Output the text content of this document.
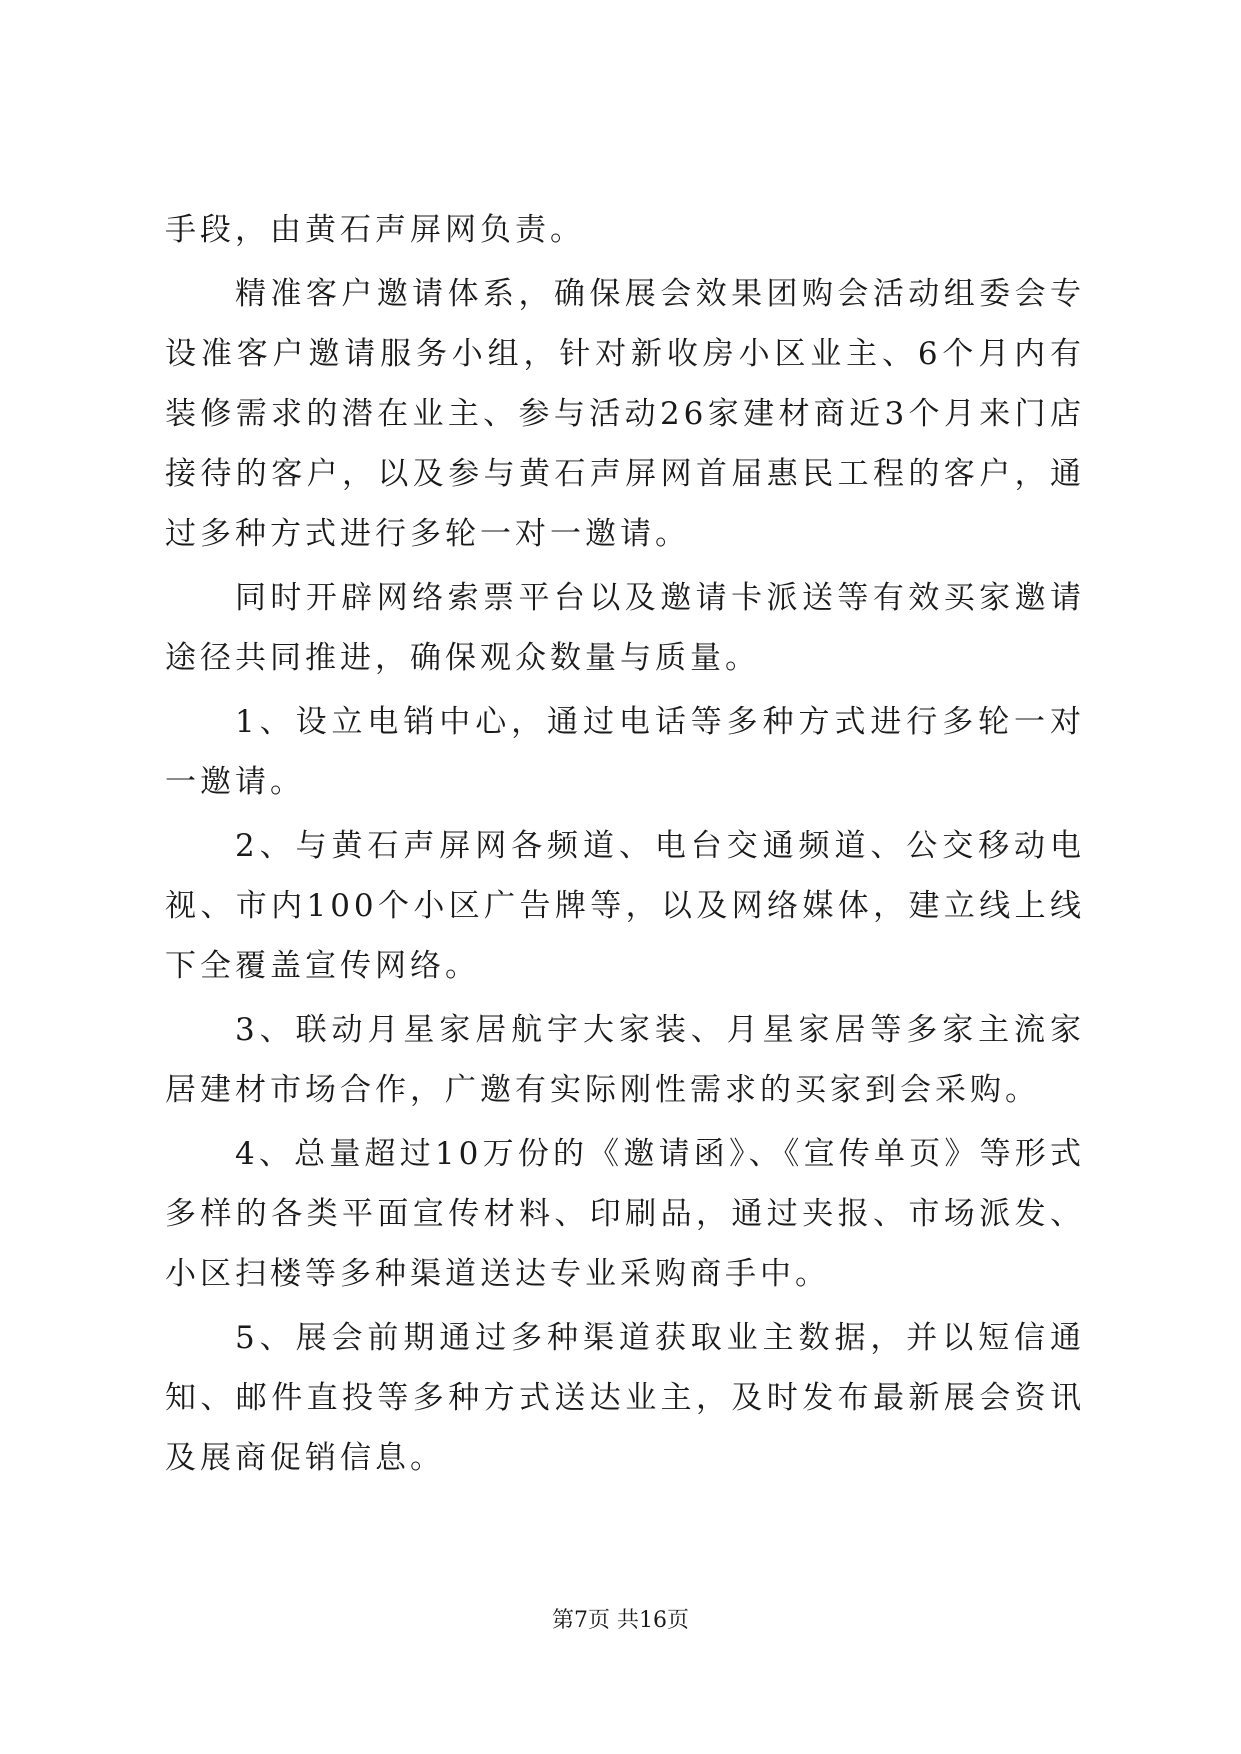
手段，由黄石声屏网负责。

精准客户邀请体系，确保展会效果团购会活动组委会专设准客户邀请服务小组，针对新收房小区业主、6个月内有装修需求的潜在业主、参与活动26家建材商近3个月来门店接待的客户，以及参与黄石声屏网首届惠民工程的客户，通过多种方式进行多轮一对一邀请。

同时开辟网络索票平台以及邀请卡派送等有效买家邀请途径共同推进，确保观众数量与质量。

1、设立电销中心，通过电话等多种方式进行多轮一对一邀请。

2、与黄石声屏网各频道、电台交通频道、公交移动电视、市内100个小区广告牌等，以及网络媒体，建立线上线下全覆盖宣传网络。

3、联动月星家居航宇大家装、月星家居等多家主流家居建材市场合作，广邀有实际刚性需求的买家到会采购。

4、总量超过10万份的《邀请函》、《宣传单页》等形式多样的各类平面宣传材料、印刷品，通过夹报、市场派发、小区扫楼等多种渠道送达专业采购商手中。

5、展会前期通过多种渠道获取业主数据，并以短信通知、邮件直投等多种方式送达业主，及时发布最新展会资讯及展商促销信息。

第7页 共16页
